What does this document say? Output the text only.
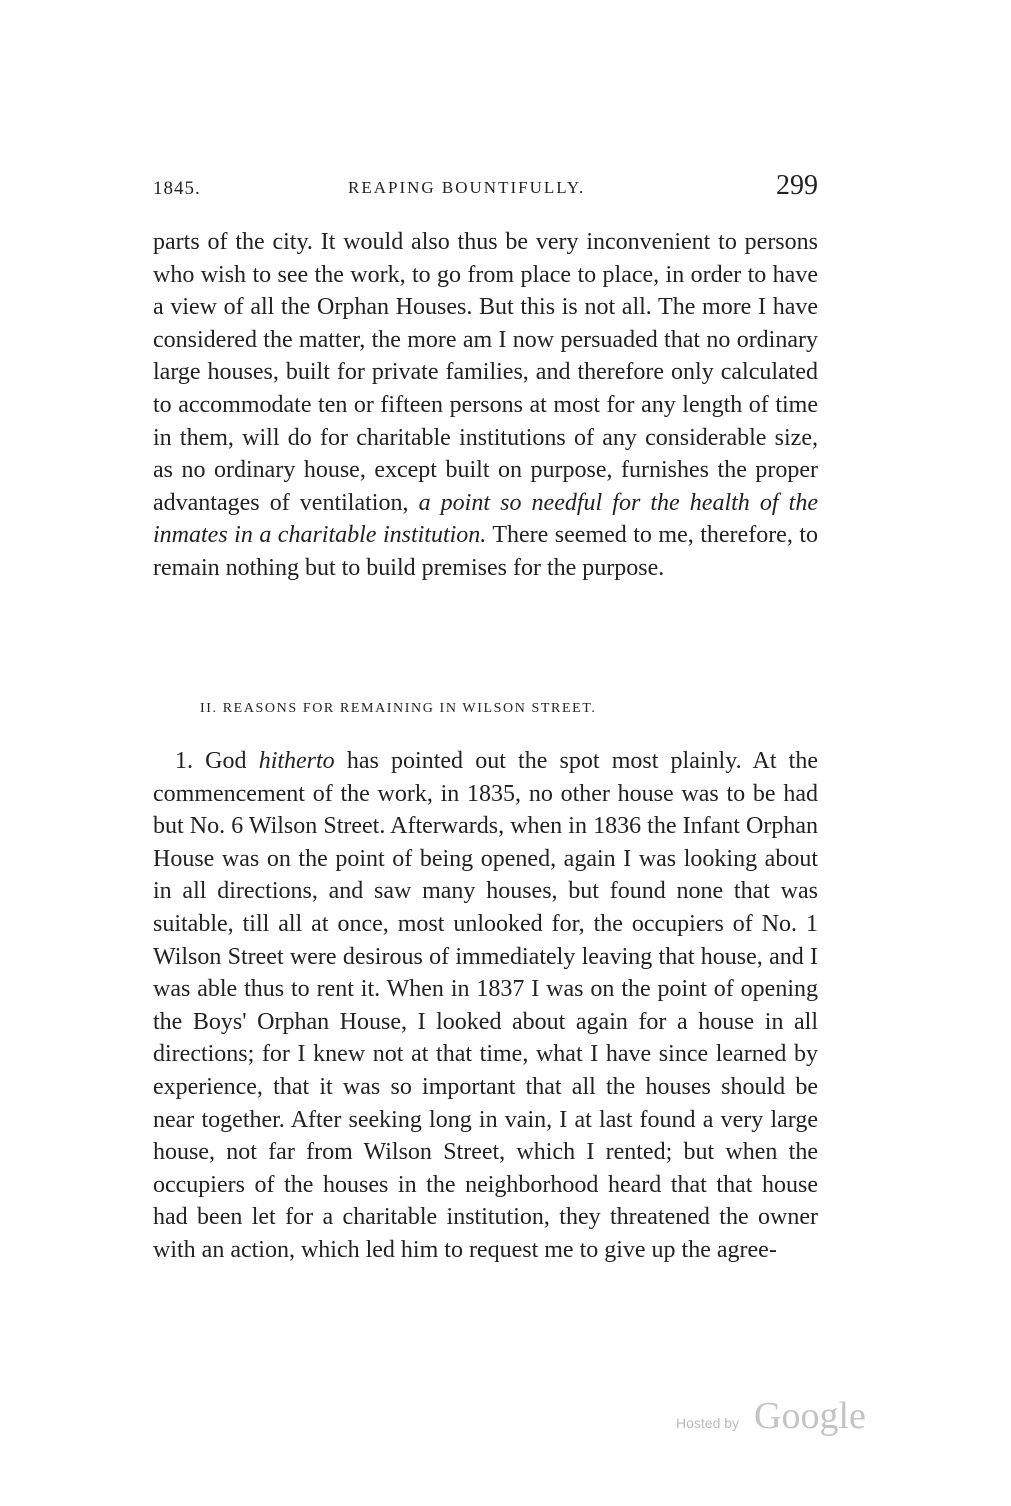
1845.	REAPING BOUNTIFULLY.	299

parts of the city. It would also thus be very inconvenient to persons who wish to see the work, to go from place to place, in order to have a view of all the Orphan Houses. But this is not all. The more I have considered the matter, the more am I now persuaded that no ordinary large houses, built for private families, and therefore only calculated to accommodate ten or fifteen persons at most for any length of time in them, will do for charitable institutions of any considerable size, as no ordinary house, except built on purpose, furnishes the proper advantages of ventilation, a point so needful for the health of the inmates in a charitable institution. There seemed to me, therefore, to remain nothing but to build premises for the purpose.

II. REASONS FOR REMAINING IN WILSON STREET.

1. God hitherto has pointed out the spot most plainly. At the commencement of the work, in 1835, no other house was to be had but No. 6 Wilson Street. Afterwards, when in 1836 the Infant Orphan House was on the point of being opened, again I was looking about in all directions, and saw many houses, but found none that was suitable, till all at once, most unlooked for, the occupiers of No. 1 Wilson Street were desirous of immediately leaving that house, and I was able thus to rent it. When in 1837 I was on the point of opening the Boys' Orphan House, I looked about again for a house in all directions; for I knew not at that time, what I have since learned by experience, that it was so important that all the houses should be near together. After seeking long in vain, I at last found a very large house, not far from Wilson Street, which I rented; but when the occupiers of the houses in the neighborhood heard that that house had been let for a charitable institution, they threatened the owner with an action, which led him to request me to give up the agree-

Hosted by Google
